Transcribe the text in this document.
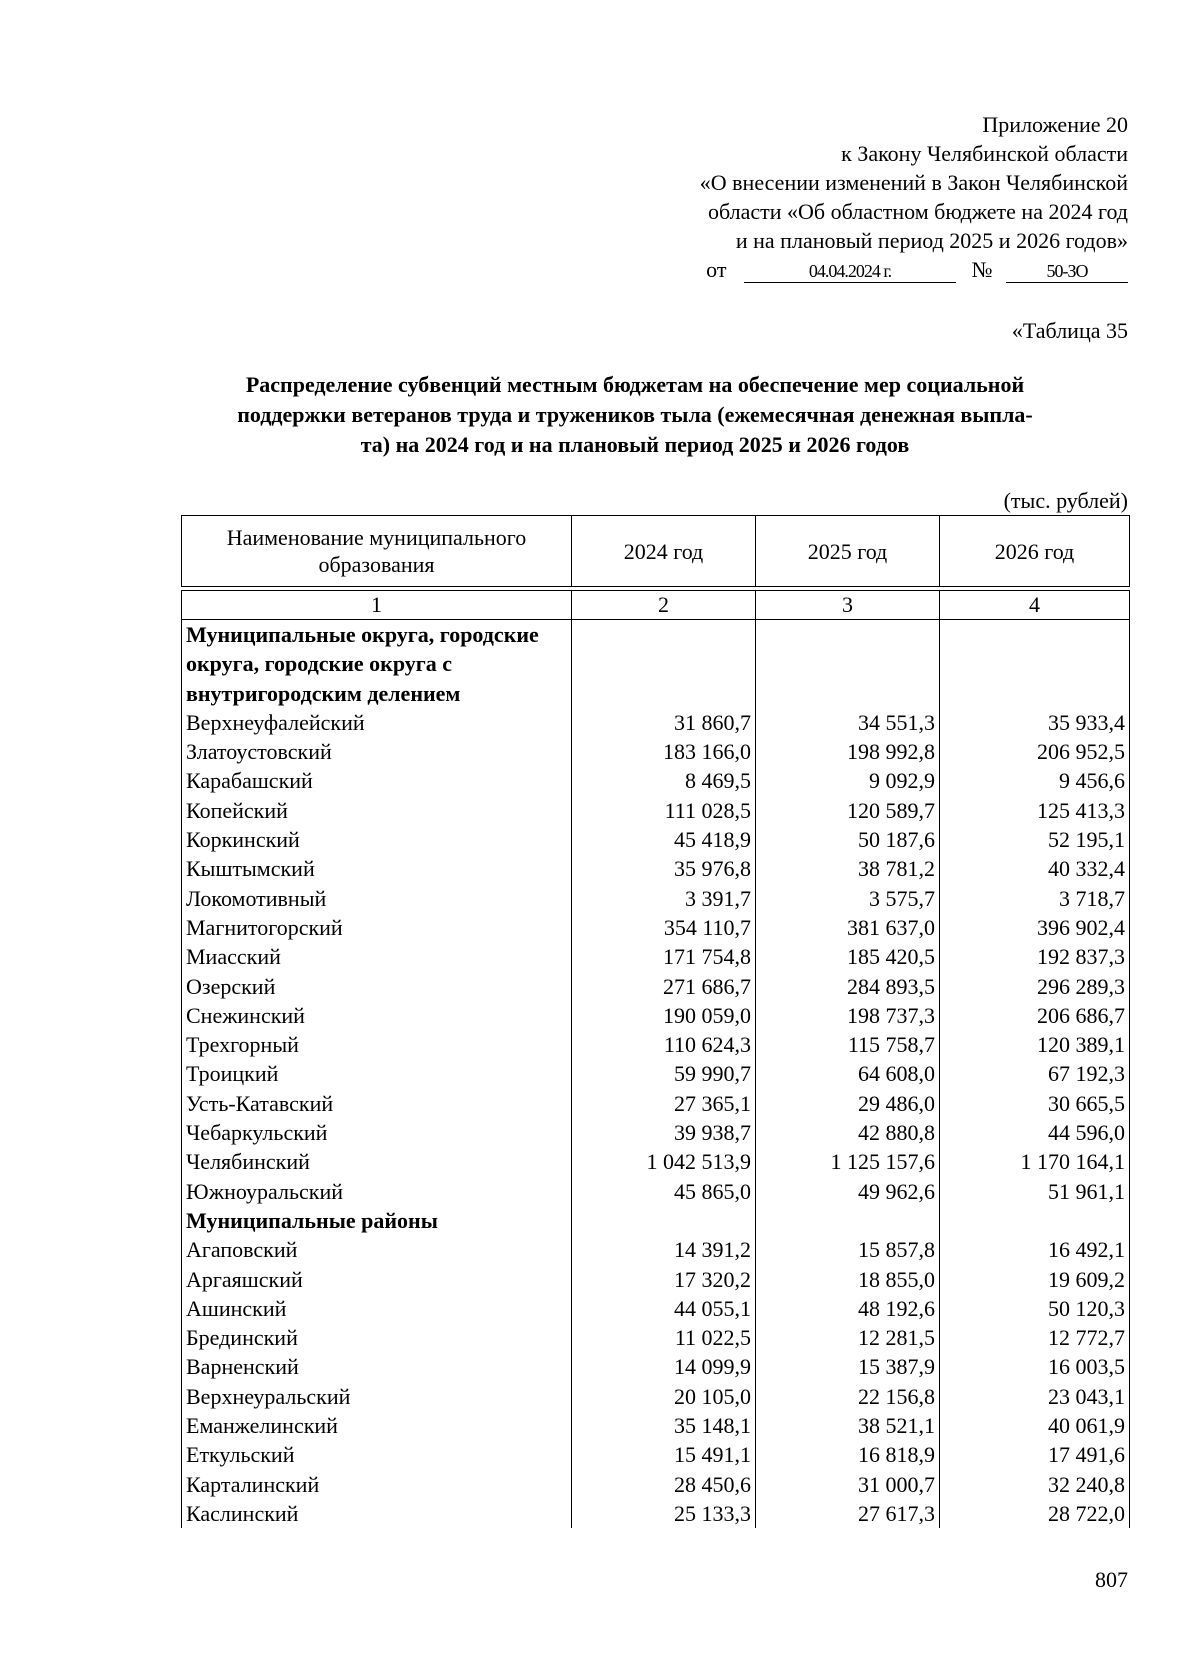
Приложение 20
к Закону Челябинской области
«О внесении изменений в Закон Челябинской
области «Об областном бюджете на 2024 год
и на плановый период 2025 и 2026 годов»
от	04.04.2024 г.	№	50-ЗО
«Таблица 35
Распределение субвенций местным бюджетам на обеспечение мер социальной
поддержки ветеранов труда и тружеников тыла (ежемесячная денежная выпла-
та) на 2024 год и на плановый период 2025 и 2026 годов
(тыс. рублей)
Наименование муниципального образования	2024 год	2025 год	2026 год

1	2	3	4
Муниципальные округа, городские округа, городские округа с внутригородским делением			
Верхнеуфалейский	31 860,7	34 551,3	35 933,4
Златоустовский	183 166,0	198 992,8	206 952,5
Карабашский	8 469,5	9 092,9	9 456,6
Копейский	111 028,5	120 589,7	125 413,3
Коркинский	45 418,9	50 187,6	52 195,1
Кыштымский	35 976,8	38 781,2	40 332,4
Локомотивный	3 391,7	3 575,7	3 718,7
Магнитогорский	354 110,7	381 637,0	396 902,4
Миасский	171 754,8	185 420,5	192 837,3
Озерский	271 686,7	284 893,5	296 289,3
Снежинский	190 059,0	198 737,3	206 686,7
Трехгорный	110 624,3	115 758,7	120 389,1
Троицкий	59 990,7	64 608,0	67 192,3
Усть-Катавский	27 365,1	29 486,0	30 665,5
Чебаркульский	39 938,7	42 880,8	44 596,0
Челябинский	1 042 513,9	1 125 157,6	1 170 164,1
Южноуральский	45 865,0	49 962,6	51 961,1
Муниципальные районы			
Агаповский	14 391,2	15 857,8	16 492,1
Аргаяшский	17 320,2	18 855,0	19 609,2
Ашинский	44 055,1	48 192,6	50 120,3
Брединский	11 022,5	12 281,5	12 772,7
Варненский	14 099,9	15 387,9	16 003,5
Верхнеуральский	20 105,0	22 156,8	23 043,1
Еманжелинский	35 148,1	38 521,1	40 061,9
Еткульский	15 491,1	16 818,9	17 491,6
Карталинский	28 450,6	31 000,7	32 240,8
Каслинский	25 133,3	27 617,3	28 722,0
807
